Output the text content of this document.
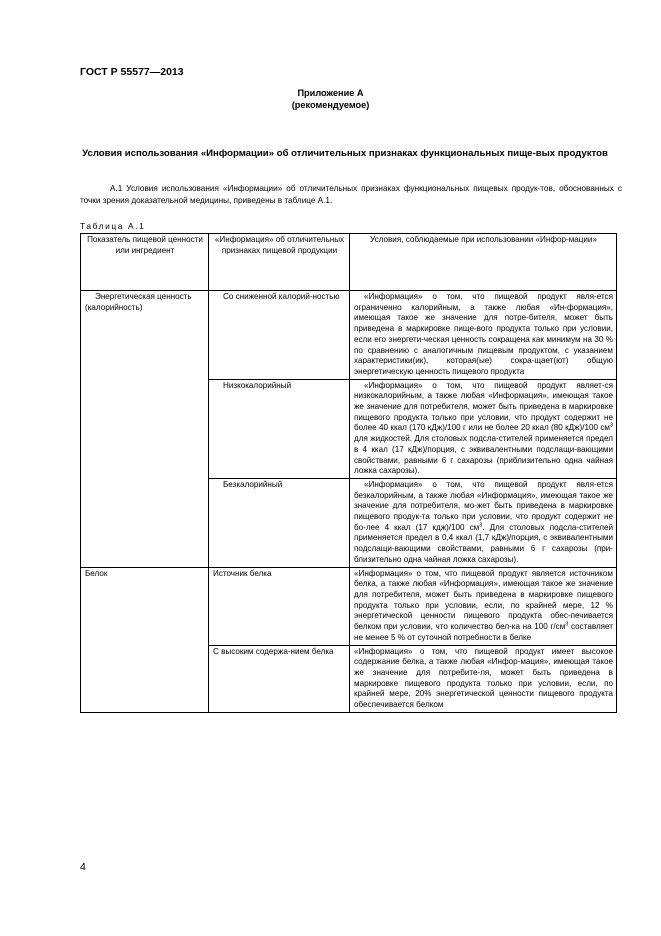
ГОСТ Р 55577—2013
Приложение А
(рекомендуемое)
Условия использования «Информации» об отличительных признаках функциональных пище-вых продуктов
А.1 Условия использования «Информации» об отличительных признаках функциональных пищевых продук-тов, обоснованных с точки зрения доказательной медицины, приведены в таблице А.1.
Таблица А.1
Показатель пищевой ценности или ингредиент	«Информация» об отличительных признаках пищевой продукции	Условия, соблюдаемые при использовании «Инфор-мации»
Энергетическая ценность (калорийность)	Со сниженной калорий-ностью	«Информация» о том, что пищевой продукт явля-ется ограниченно калорийным, а также любая «Ин-формация», имеющая такое же значение для потре-бителя, может быть приведена в маркировке пище-вого продукта только при условии, если его энергети-ческая ценность сокращена как минимум на 30 % по сравнению с аналогичным пищевым продуктом, с указанием характеристики(ик), которая(ые) сокра-щает(ют) общую энергетическую ценность пищевого продукта
	Низкокалорийный	«Информация» о том, что пищевой продукт являет-ся низкокалорийным, а также любая «Информация», имеющая такое же значение для потребителя, может быть приведена в маркировке пищевого продукта только при условии, что продукт содержит не более 40 ккал (170 кДж)/100 г или не более 20 ккал (80 кДж)/100 $см^3$ для жидкостей. Для столовых подсла-стителей применяется предел в 4 ккал (17 кДж)/порция, с эквивалентными подслащи-вающими свойствами, равными 6 г сахарозы (приблизительно одна чайная ложка сахарозы).
	Безкалорийный	«Информация» о том, что пищевой продукт явля-ется безкалорийным, а также любая «Информация», имеющая такое же значение для потребителя, мо-жет быть приведена в маркировке пищевого продук-та только при условии, что продукт содержит не бо-лее 4 ккал (17 кдж)/100 $см^3$. Для столовых подсла-стителей применяется предел в 0,4 ккал (1,7 кДж)/порция, с эквивалентными подслащи-вающими свойствами, равными 6 г сахарозы (при-близительно одна чайная ложка сахарозы).
Белок	Источник белка	«Информация» о том, что пищевой продукт является источником белка, а также любая «Информация», имеющая такое же значение для потребителя, может быть приведена в маркировке пищевого продукта только при условии, если, по крайней мере, 12 % энергетической ценности пищевого продукта обес-печивается белком при условии, что количество бел-ка на 100 $г/см^3$ составляет не менее 5 % от суточной потребности в белке
	С высоким содержа-нием белка	«Информация» о том, что пищевой продукт имеет высокое содержание белка, а также любая «Инфор-мация», имеющая такое же значение для потребите-ля, может быть приведена в маркировке пищевого продукта только при условии, если, по крайней мере, 20% энергетической ценности пищевого продукта обеспечивается белком
4
